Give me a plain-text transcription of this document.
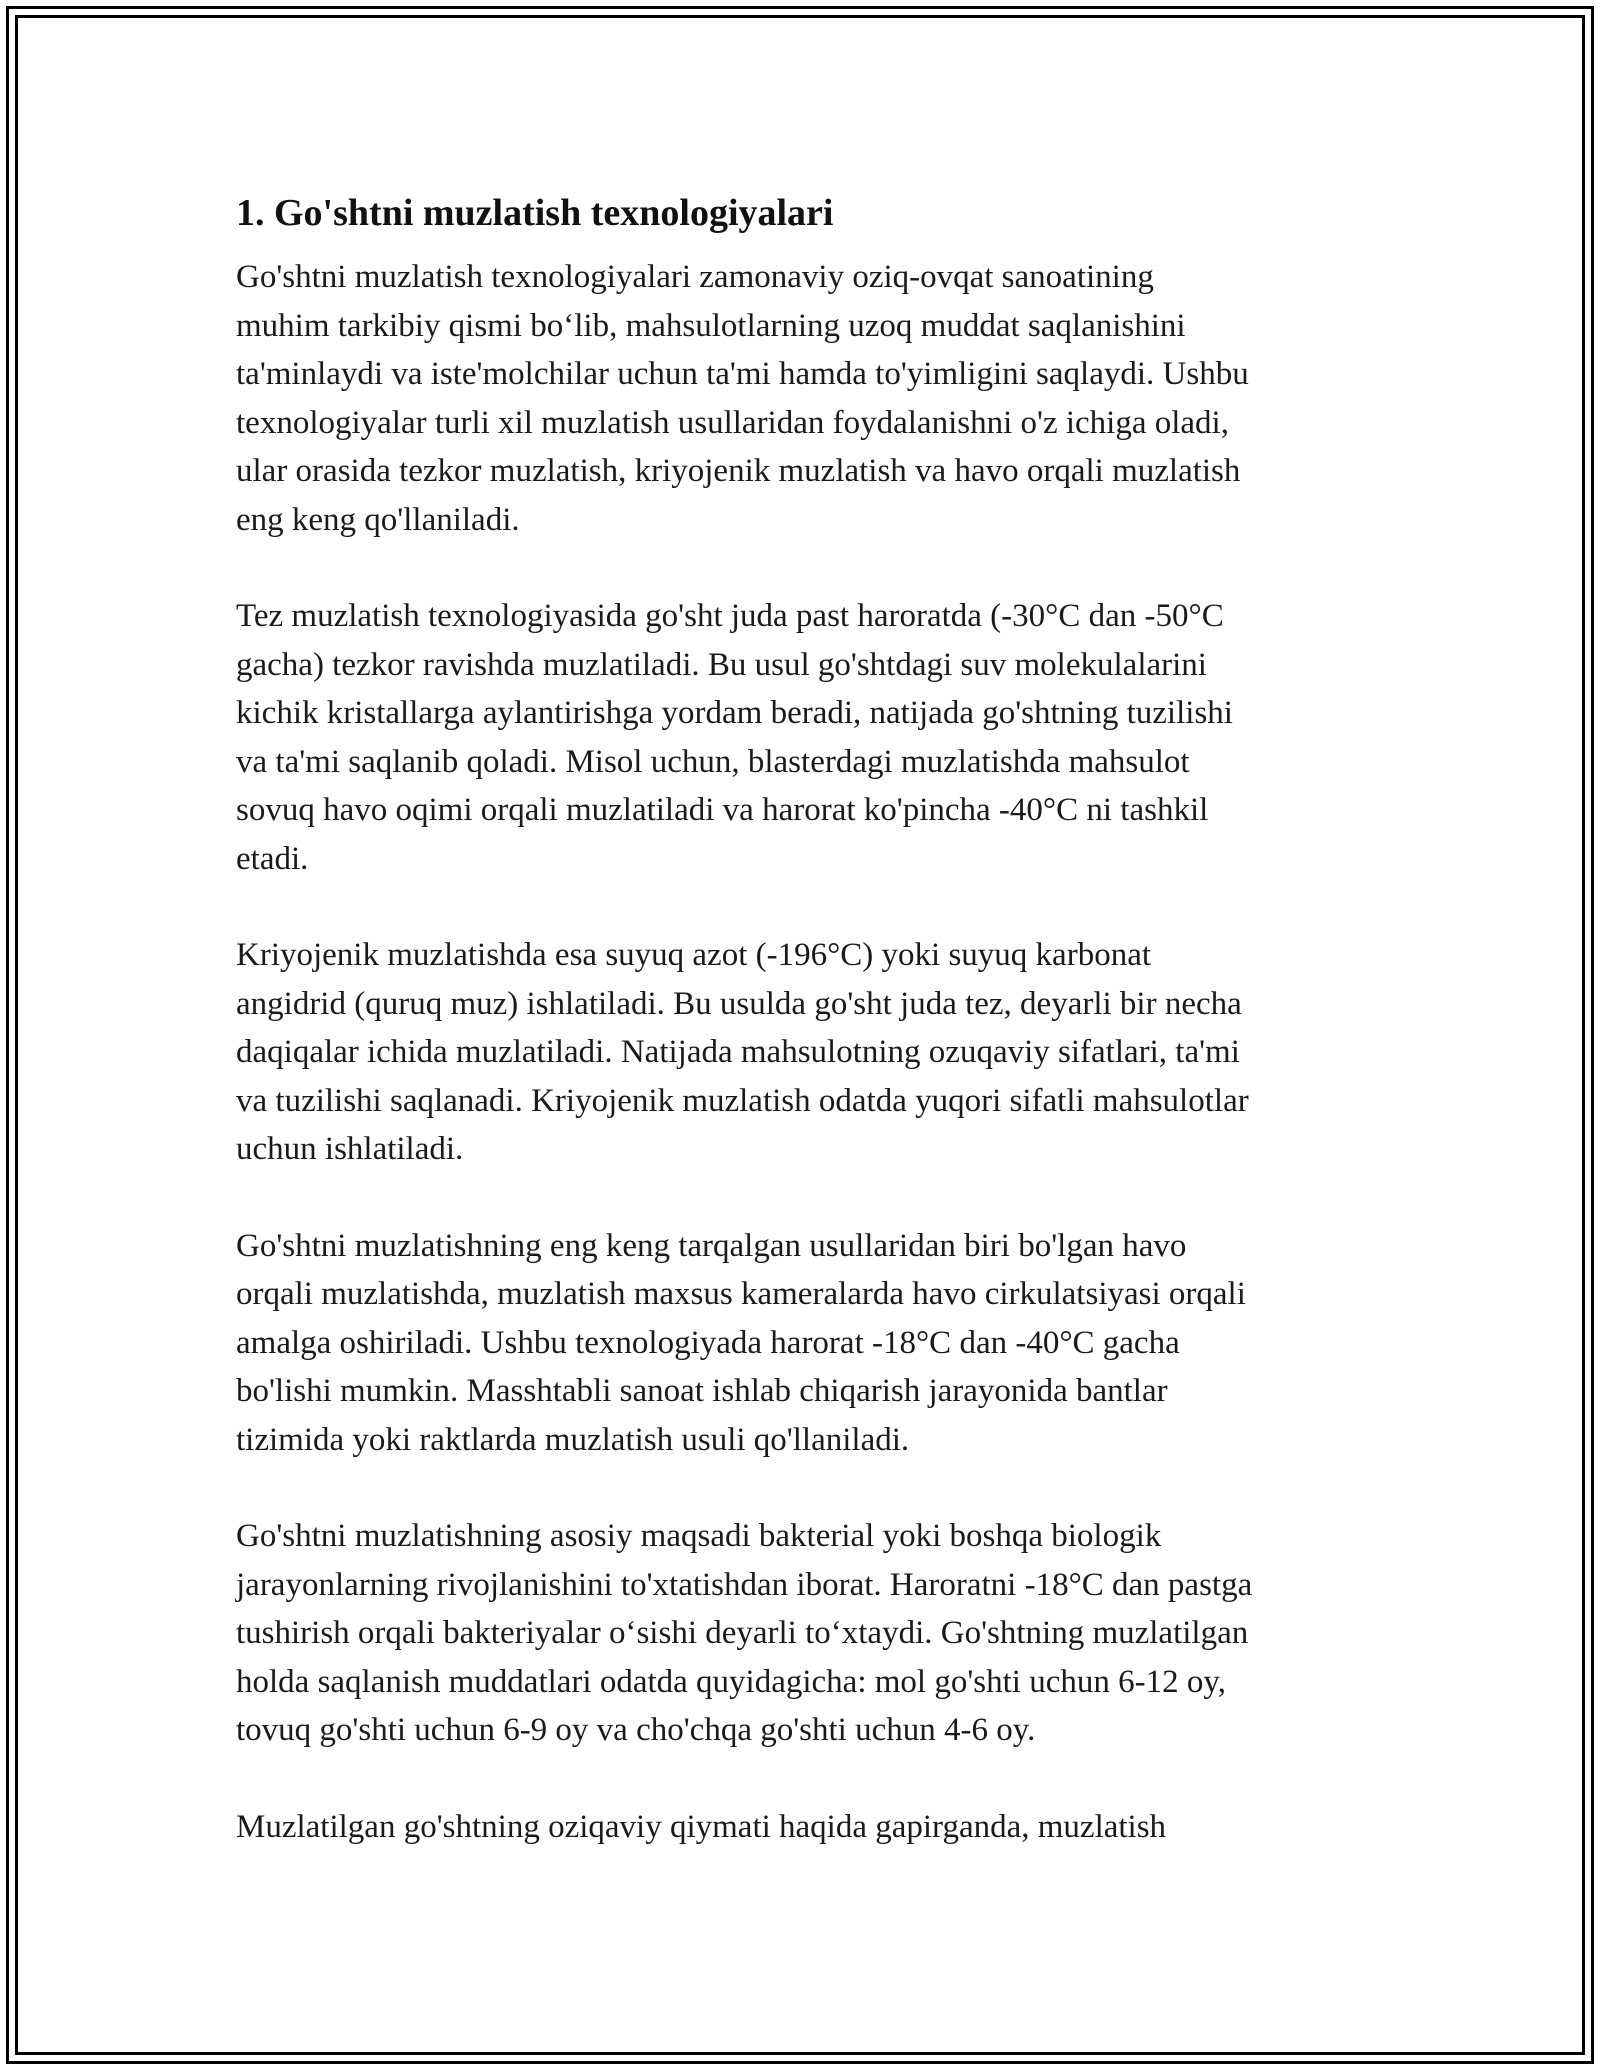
1. Go'shtni muzlatish texnologiyalari
Go'shtni muzlatish texnologiyalari zamonaviy oziq-ovqat sanoatining
muhim tarkibiy qismi bo‘lib, mahsulotlarning uzoq muddat saqlanishini
ta'minlaydi va iste'molchilar uchun ta'mi hamda to'yimligini saqlaydi. Ushbu
texnologiyalar turli xil muzlatish usullaridan foydalanishni o'z ichiga oladi,
ular orasida tezkor muzlatish, kriyojenik muzlatish va havo orqali muzlatish
eng keng qo'llaniladi.
Tez muzlatish texnologiyasida go'sht juda past haroratda (-30°C dan -50°C
gacha) tezkor ravishda muzlatiladi. Bu usul go'shtdagi suv molekulalarini
kichik kristallarga aylantirishga yordam beradi, natijada go'shtning tuzilishi
va ta'mi saqlanib qoladi. Misol uchun, blasterdagi muzlatishda mahsulot
sovuq havo oqimi orqali muzlatiladi va harorat ko'pincha -40°C ni tashkil
etadi.
Kriyojenik muzlatishda esa suyuq azot (-196°C) yoki suyuq karbonat
angidrid (quruq muz) ishlatiladi. Bu usulda go'sht juda tez, deyarli bir necha
daqiqalar ichida muzlatiladi. Natijada mahsulotning ozuqaviy sifatlari, ta'mi
va tuzilishi saqlanadi. Kriyojenik muzlatish odatda yuqori sifatli mahsulotlar
uchun ishlatiladi.
Go'shtni muzlatishning eng keng tarqalgan usullaridan biri bo'lgan havo
orqali muzlatishda, muzlatish maxsus kameralarda havo cirkulatsiyasi orqali
amalga oshiriladi. Ushbu texnologiyada harorat -18°C dan -40°C gacha
bo'lishi mumkin. Masshtabli sanoat ishlab chiqarish jarayonida bantlar
tizimida yoki raktlarda muzlatish usuli qo'llaniladi.
Go'shtni muzlatishning asosiy maqsadi bakterial yoki boshqa biologik
jarayonlarning rivojlanishini to'xtatishdan iborat. Haroratni -18°C dan pastga
tushirish orqali bakteriyalar o‘sishi deyarli to‘xtaydi. Go'shtning muzlatilgan
holda saqlanish muddatlari odatda quyidagicha: mol go'shti uchun 6-12 oy,
tovuq go'shti uchun 6-9 oy va cho'chqa go'shti uchun 4-6 oy.
Muzlatilgan go'shtning oziqaviy qiymati haqida gapirganda, muzlatish
